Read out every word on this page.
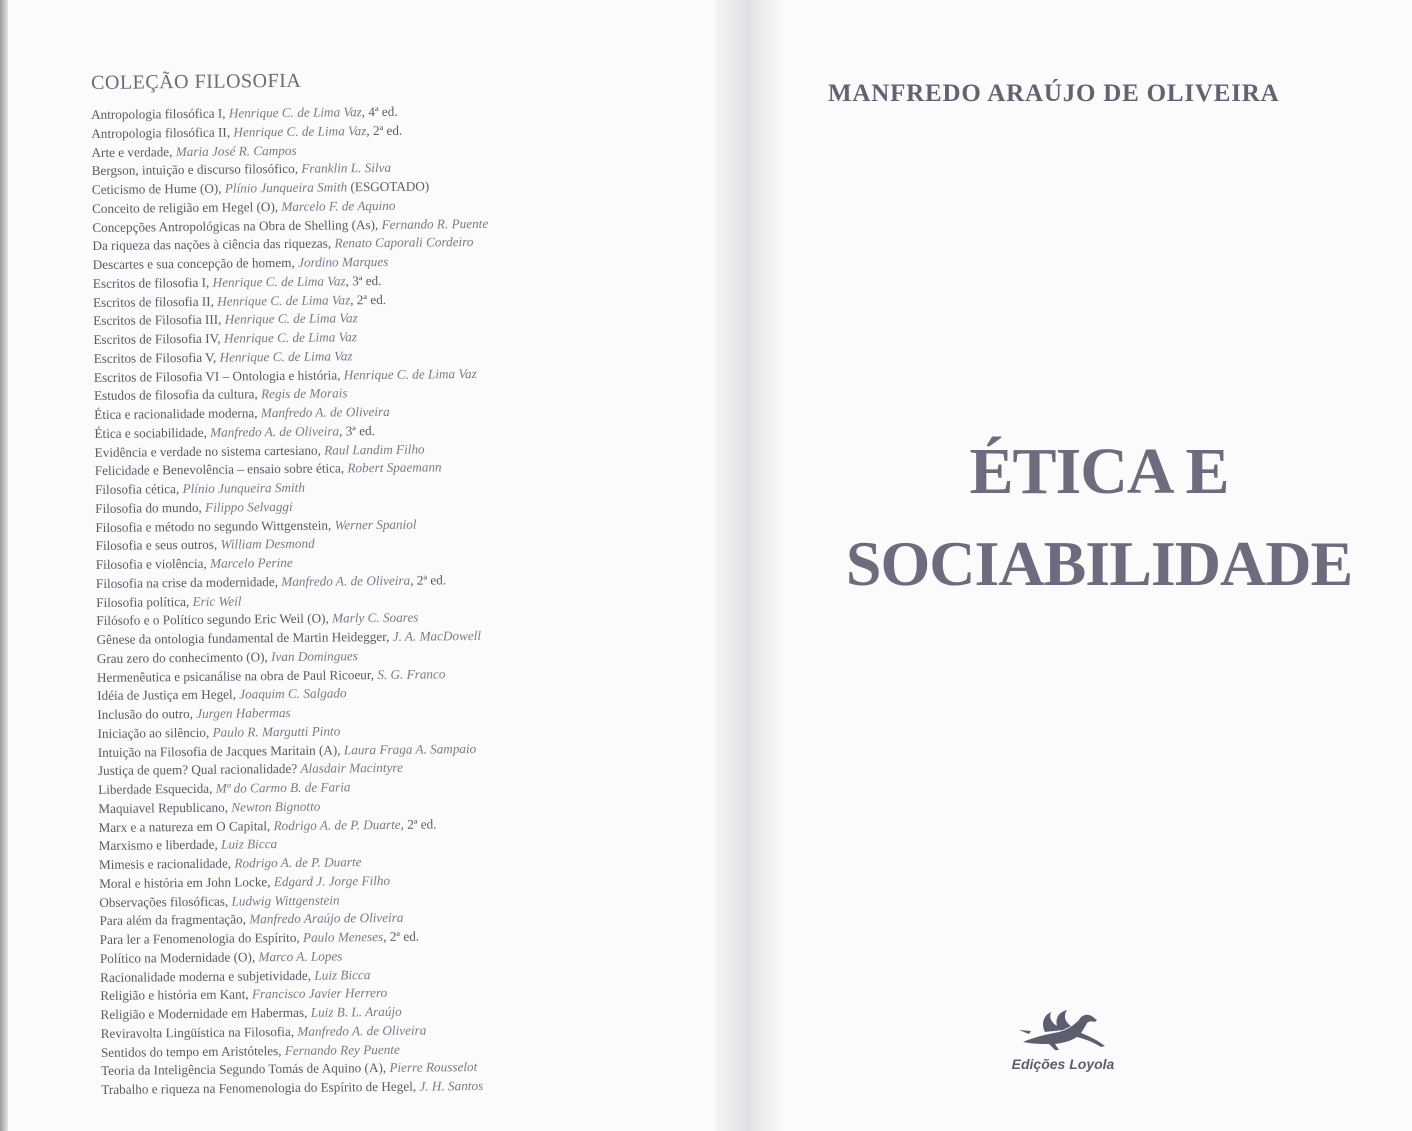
COLEÇÃO FILOSOFIA
Antropologia filosófica I, Henrique C. de Lima Vaz, 4ª ed.
Antropologia filosófica II, Henrique C. de Lima Vaz, 2ª ed.
Arte e verdade, Maria José R. Campos
Bergson, intuição e discurso filosófico, Franklin L. Silva
Ceticismo de Hume (O), Plínio Junqueira Smith (ESGOTADO)
Conceito de religião em Hegel (O), Marcelo F. de Aquino
Concepções Antropológicas na Obra de Shelling (As), Fernando R. Puente
Da riqueza das nações à ciência das riquezas, Renato Caporali Cordeiro
Descartes e sua concepção de homem, Jordino Marques
Escritos de filosofia I, Henrique C. de Lima Vaz, 3ª ed.
Escritos de filosofia II, Henrique C. de Lima Vaz, 2ª ed.
Escritos de Filosofia III, Henrique C. de Lima Vaz
Escritos de Filosofia IV, Henrique C. de Lima Vaz
Escritos de Filosofia V, Henrique C. de Lima Vaz
Escritos de Filosofia VI – Ontologia e história, Henrique C. de Lima Vaz
Estudos de filosofia da cultura, Regis de Morais
Ética e racionalidade moderna, Manfredo A. de Oliveira
Ética e sociabilidade, Manfredo A. de Oliveira, 3ª ed.
Evidência e verdade no sistema cartesiano, Raul Landim Filho
Felicidade e Benevolência – ensaio sobre ética, Robert Spaemann
Filosofia cética, Plínio Junqueira Smith
Filosofia do mundo, Filippo Selvaggi
Filosofia e método no segundo Wittgenstein, Werner Spaniol
Filosofia e seus outros, William Desmond
Filosofia e violência, Marcelo Perine
Filosofia na crise da modernidade, Manfredo A. de Oliveira, 2ª ed.
Filosofia política, Eric Weil
Filósofo e o Político segundo Eric Weil (O), Marly C. Soares
Gênese da ontologia fundamental de Martin Heidegger, J. A. MacDowell
Grau zero do conhecimento (O), Ivan Domingues
Hermenêutica e psicanálise na obra de Paul Ricoeur, S. G. Franco
Idéia de Justiça em Hegel, Joaquim C. Salgado
Inclusão do outro, Jurgen Habermas
Iniciação ao silêncio, Paulo R. Margutti Pinto
Intuição na Filosofia de Jacques Maritain (A), Laura Fraga A. Sampaio
Justiça de quem? Qual racionalidade? Alasdair Macintyre
Liberdade Esquecida, Mª do Carmo B. de Faria
Maquiavel Republicano, Newton Bignotto
Marx e a natureza em O Capital, Rodrigo A. de P. Duarte, 2ª ed.
Marxismo e liberdade, Luiz Bicca
Mimesis e racionalidade, Rodrigo A. de P. Duarte
Moral e história em John Locke, Edgard J. Jorge Filho
Observações filosóficas, Ludwig Wittgenstein
Para além da fragmentação, Manfredo Araújo de Oliveira
Para ler a Fenomenologia do Espírito, Paulo Meneses, 2ª ed.
Político na Modernidade (O), Marco A. Lopes
Racionalidade moderna e subjetividade, Luiz Bicca
Religião e história em Kant, Francisco Javier Herrero
Religião e Modernidade em Habermas, Luiz B. L. Araújo
Reviravolta Lingüística na Filosofia, Manfredo A. de Oliveira
Sentidos do tempo em Aristóteles, Fernando Rey Puente
Teoria da Inteligência Segundo Tomás de Aquino (A), Pierre Rousselot
Trabalho e riqueza na Fenomenologia do Espírito de Hegel, J. H. Santos
MANFREDO ARAÚJO DE OLIVEIRA
ÉTICA E
SOCIABILIDADE
Edições Loyola
